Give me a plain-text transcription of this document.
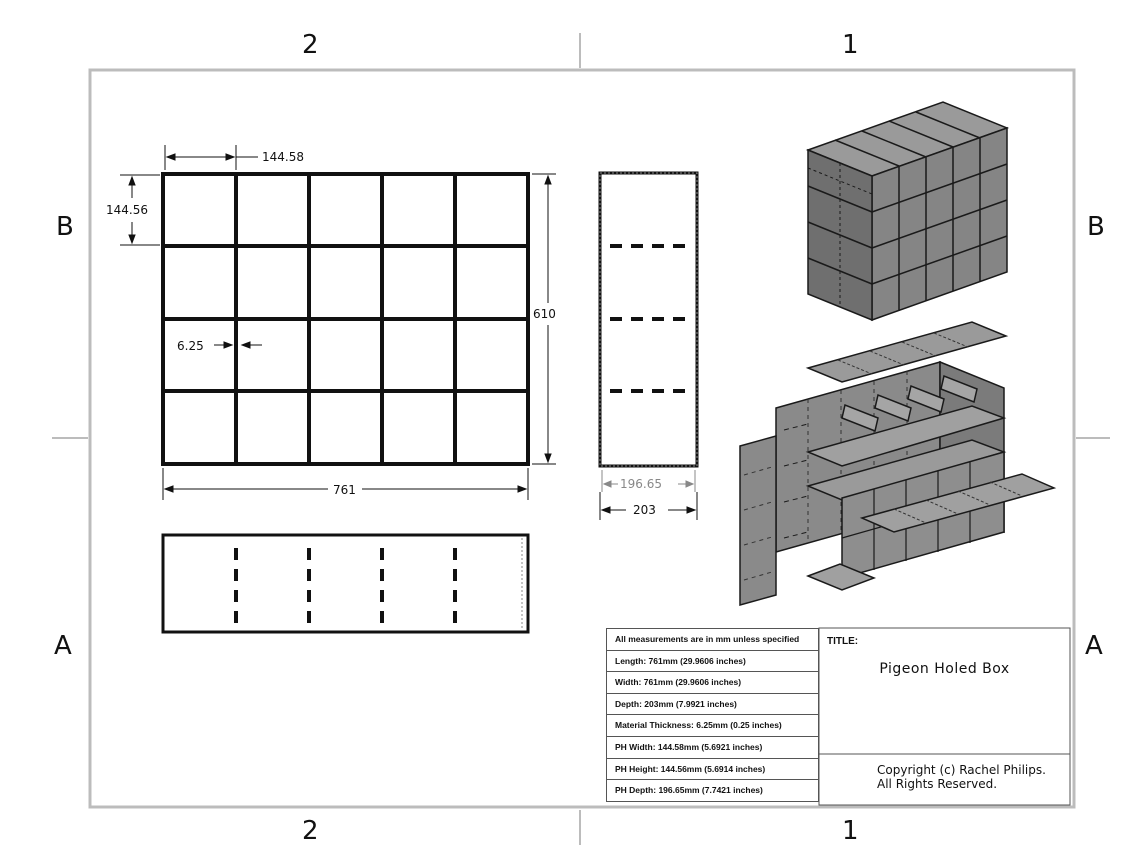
2	1
2	1
B
A
B
A
144.58
144.56
6.25
610
761	196.65
203
All measurements are in mm unless specified
Length: 761mm (29.9606 inches)
Width: 761mm (29.9606 inches)
Depth: 203mm (7.9921 inches)
Material Thickness: 6.25mm (0.25 inches)
PH Width: 144.58mm (5.6921 inches)
PH Height: 144.56mm (5.6914 inches)
PH Depth: 196.65mm (7.7421 inches)
TITLE:
Pigeon Holed Box
Copyright (c) Rachel Philips.
All Rights Reserved.
